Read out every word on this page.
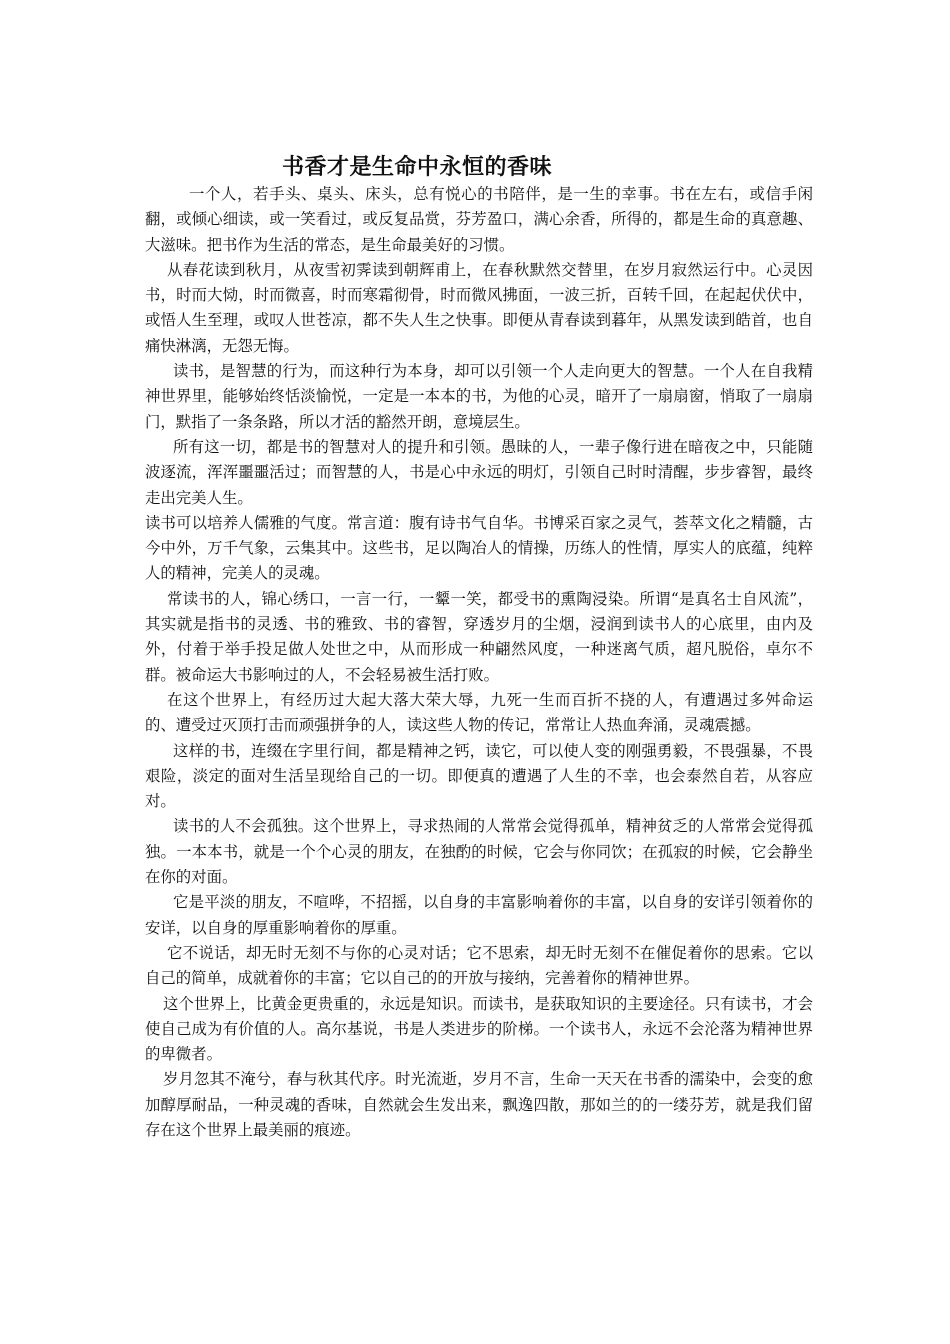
书香才是生命中永恒的香味

一个人，若手头、桌头、床头，总有悦心的书陪伴，是一生的幸事。书在左右，或信手闲翻，或倾心细读，或一笑看过，或反复品赏，芬芳盈口，满心余香，所得的，都是生命的真意趣、大滋味。把书作为生活的常态，是生命最美好的习惯。

从春花读到秋月，从夜雪初霁读到朝辉甫上，在春秋默然交替里，在岁月寂然运行中。心灵因书，时而大恸，时而微喜，时而寒霜彻骨，时而微风拂面，一波三折，百转千回，在起起伏伏中，或悟人生至理，或叹人世苍凉，都不失人生之快事。即便从青春读到暮年，从黑发读到皓首，也自痛快淋漓，无怨无悔。

读书，是智慧的行为，而这种行为本身，却可以引领一个人走向更大的智慧。一个人在自我精神世界里，能够始终恬淡愉悦，一定是一本本的书，为他的心灵，暗开了一扇扇窗，悄取了一扇扇门，默指了一条条路，所以才活的豁然开朗，意境层生。

所有这一切，都是书的智慧对人的提升和引领。愚昧的人，一辈子像行进在暗夜之中，只能随波逐流，浑浑噩噩活过；而智慧的人，书是心中永远的明灯，引领自己时时清醒，步步睿智，最终走出完美人生。

读书可以培养人儒雅的气度。常言道：腹有诗书气自华。书博采百家之灵气，荟萃文化之精髓，古今中外，万千气象，云集其中。这些书，足以陶冶人的情操，历练人的性情，厚实人的底蕴，纯粹人的精神，完美人的灵魂。

常读书的人，锦心绣口，一言一行，一颦一笑，都受书的熏陶浸染。所谓“是真名士自风流”，其实就是指书的灵透、书的雅致、书的睿智，穿透岁月的尘烟，浸润到读书人的心底里，由内及外，付着于举手投足做人处世之中，从而形成一种翩然风度，一种迷离气质，超凡脱俗，卓尔不群。被命运大书影响过的人，不会轻易被生活打败。

在这个世界上，有经历过大起大落大荣大辱，九死一生而百折不挠的人，有遭遇过多舛命运的、遭受过灭顶打击而顽强拼争的人，读这些人物的传记，常常让人热血奔涌，灵魂震撼。

这样的书，连缀在字里行间，都是精神之钙，读它，可以使人变的刚强勇毅，不畏强暴，不畏艰险，淡定的面对生活呈现给自己的一切。即便真的遭遇了人生的不幸，也会泰然自若，从容应对。

读书的人不会孤独。这个世界上，寻求热闹的人常常会觉得孤单，精神贫乏的人常常会觉得孤独。一本本书，就是一个个心灵的朋友，在独酌的时候，它会与你同饮；在孤寂的时候，它会静坐在你的对面。

它是平淡的朋友，不喧哗，不招摇，以自身的丰富影响着你的丰富，以自身的安详引领着你的安详，以自身的厚重影响着你的厚重。

它不说话，却无时无刻不与你的心灵对话；它不思索，却无时无刻不在催促着你的思索。它以自己的简单，成就着你的丰富；它以自己的的开放与接纳，完善着你的精神世界。

这个世界上，比黄金更贵重的，永远是知识。而读书，是获取知识的主要途径。只有读书，才会使自己成为有价值的人。高尔基说，书是人类进步的阶梯。一个读书人，永远不会沦落为精神世界的卑微者。

岁月忽其不淹兮，春与秋其代序。时光流逝，岁月不言，生命一天天在书香的濡染中，会变的愈加醇厚耐品，一种灵魂的香味，自然就会生发出来，飘逸四散，那如兰的的一缕芬芳，就是我们留存在这个世界上最美丽的痕迹。
